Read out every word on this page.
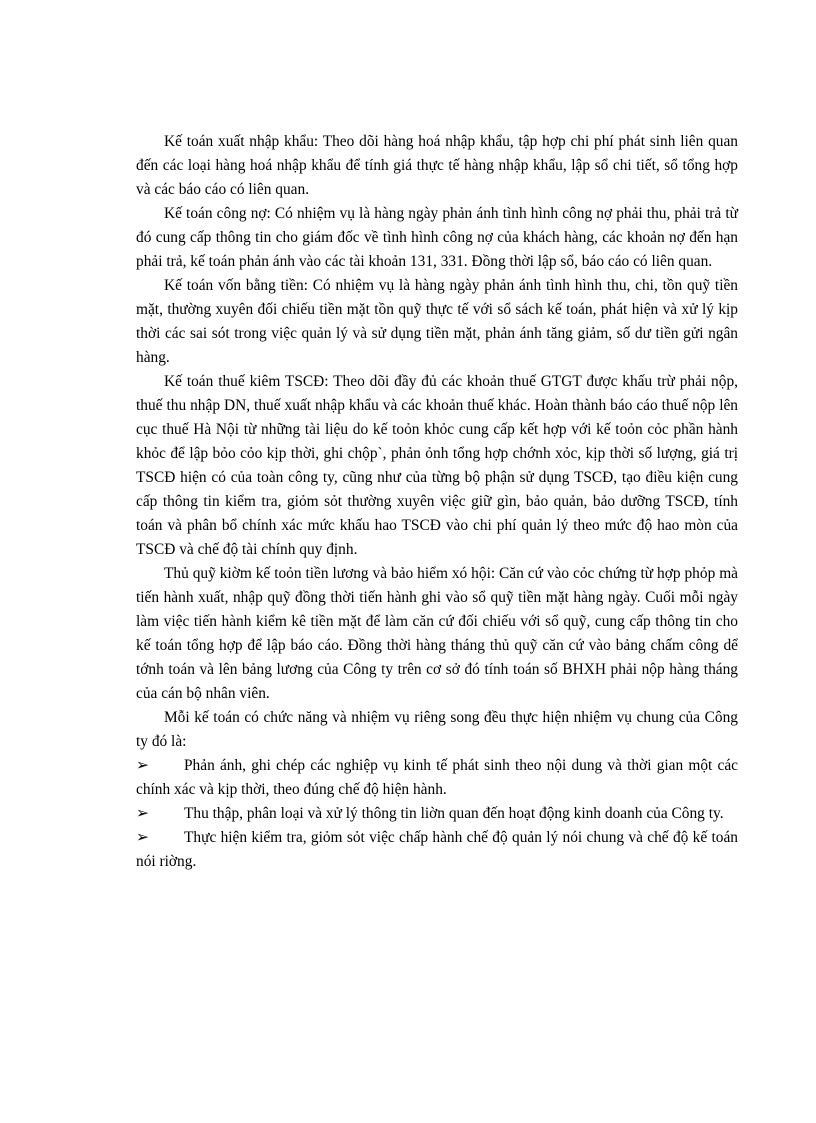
Kế toán xuất nhập khẩu: Theo dõi hàng hoá nhập khẩu, tập hợp chi phí phát sinh liên quan đến các loại hàng hoá nhập khẩu để tính giá thực tế hàng nhập khẩu, lập sổ chi tiết, sổ tổng hợp và các báo cáo có liên quan.

Kế toán công nợ: Có nhiệm vụ là hàng ngày phản ánh tình hình công nợ phải thu, phải trả từ đó cung cấp thông tin cho giám đốc về tình hình công nợ của khách hàng, các khoản nợ đến hạn phải trả, kế toán phản ánh vào các tài khoản 131, 331. Đồng thời lập sổ, báo cáo có liên quan.

Kế toán vốn bằng tiền: Có nhiệm vụ là hàng ngày phản ánh tình hình thu, chi, tồn quỹ tiền mặt, thường xuyên đối chiếu tiền mặt tồn quỹ thực tế với sổ sách kế toán, phát hiện và xử lý kịp thời các sai sót trong việc quản lý và sử dụng tiền mặt, phản ánh tăng giảm, số dư tiền gửi ngân hàng.

Kế toán thuế kiêm TSCĐ: Theo dõi đầy đủ các khoản thuế GTGT được khấu trừ phải nộp, thuế thu nhập DN, thuế xuất nhập khẩu và các khoản thuế khác. Hoàn thành báo cáo thuế nộp lên cục thuế Hà Nội từ những tài liệu do kế toỏn khỏc cung cấp kết hợp với kế toỏn cỏc phần hành khỏc để lập bỏo cỏo kịp thời, ghi chộp`, phản ỏnh tổng hợp chớnh xỏc, kịp thời số lượng, giá trị TSCĐ hiện có của toàn công ty, cũng như của từng bộ phận sử dụng TSCĐ, tạo điều kiện cung cấp thông tin kiểm tra, giỏm sỏt thường xuyên việc giữ gìn, bảo quản, bảo dưỡng TSCĐ, tính toán và phân bổ chính xác mức khấu hao TSCĐ vào chi phí quản lý theo mức độ hao mòn của TSCĐ và chế độ tài chính quy định.

Thủ quỹ kiờm kế toỏn tiền lương và bảo hiểm xó hội: Căn cứ vào cỏc chứng từ hợp phỏp mà tiến hành xuất, nhập quỹ đồng thời tiến hành ghi vào sổ quỹ tiền mặt hàng ngày. Cuối mỗi ngày làm việc tiến hành kiểm kê tiền mặt để làm căn cứ đối chiếu với sổ quỹ, cung cấp thông tin cho kế toán tổng hợp để lập báo cáo. Đồng thời hàng tháng thủ quỹ căn cứ vào bảng chấm công dể tớnh toán và lên bảng lương của Công ty trên cơ sở đó tính toán số BHXH phải nộp hàng tháng của cán bộ nhân viên.

Mỗi kế toán có chức năng và nhiệm vụ riêng song đều thực hiện nhiệm vụ chung của Công ty đó là:

➢ Phản ánh, ghi chép các nghiệp vụ kinh tế phát sinh theo nội dung và thời gian một các chính xác và kịp thời, theo đúng chế độ hiện hành.

➢ Thu thập, phân loại và xử lý thông tin liờn quan đến hoạt động kinh doanh của Công ty.

➢ Thực hiện kiểm tra, giỏm sỏt việc chấp hành chế độ quản lý nói chung và chế độ kế toán nói riờng.
